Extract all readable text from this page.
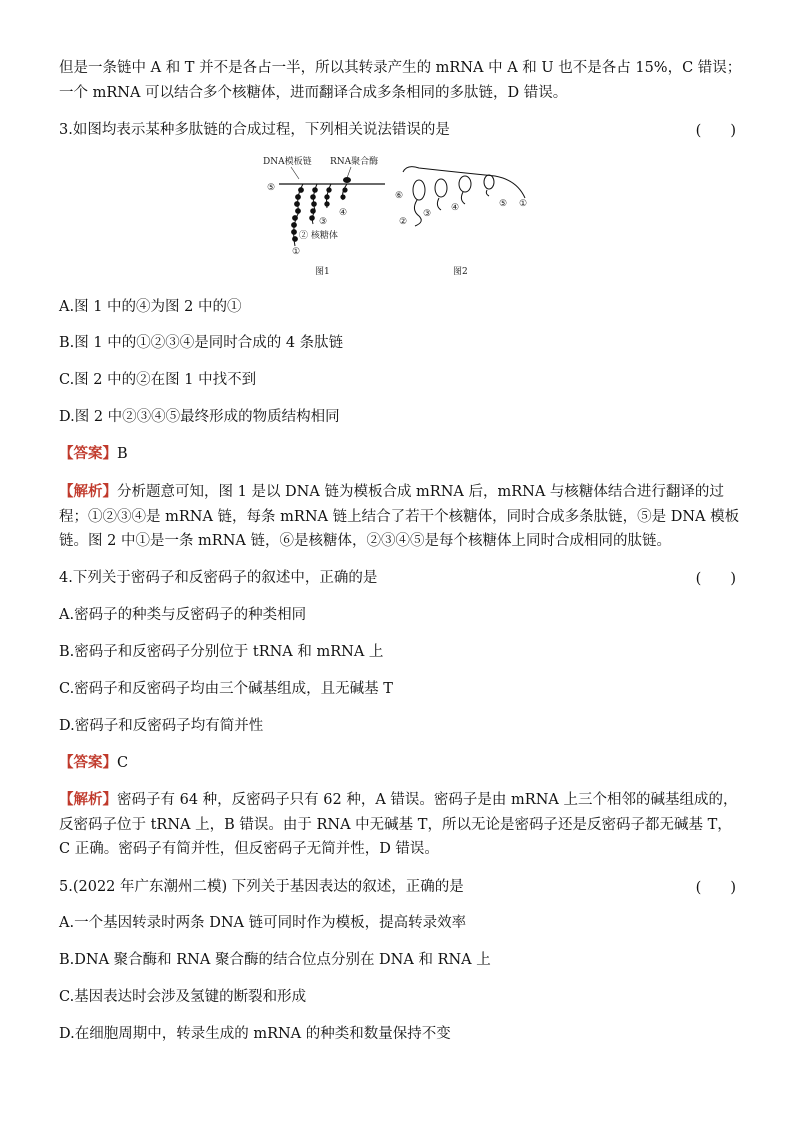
但是一条链中 A 和 T 并不是各占一半，所以其转录产生的 mRNA 中 A 和 U 也不是各占 15%，C 错误；
一个 mRNA 可以结合多个核糖体，进而翻译合成多条相同的多肽链，D 错误。
3.如图均表示某种多肽链的合成过程，下列相关说法错误的是	(　　)
DNA模板链 RNA聚合酶
⑤
①
② 核糖体
③
④
图1
⑥
②
③
④	⑤ ①
图2
A.图 1 中的④为图 2 中的①
B.图 1 中的①②③④是同时合成的 4 条肽链
C.图 2 中的②在图 1 中找不到
D.图 2 中②③④⑤最终形成的物质结构相同
【答案】B
【解析】分析题意可知，图 1 是以 DNA 链为模板合成 mRNA 后，mRNA 与核糖体结合进行翻译的过
程；①②③④是 mRNA 链，每条 mRNA 链上结合了若干个核糖体，同时合成多条肽链，⑤是 DNA 模板
链。图 2 中①是一条 mRNA 链，⑥是核糖体，②③④⑤是每个核糖体上同时合成相同的肽链。
4.下列关于密码子和反密码子的叙述中，正确的是	(　　)
A.密码子的种类与反密码子的种类相同
B.密码子和反密码子分别位于 tRNA 和 mRNA 上
C.密码子和反密码子均由三个碱基组成，且无碱基 T
D.密码子和反密码子均有简并性
【答案】C
【解析】密码子有 64 种，反密码子只有 62 种，A 错误。密码子是由 mRNA 上三个相邻的碱基组成的，
反密码子位于 tRNA 上，B 错误。由于 RNA 中无碱基 T，所以无论是密码子还是反密码子都无碱基 T，
C 正确。密码子有简并性，但反密码子无简并性，D 错误。
5.(2022 年广东潮州二模) 下列关于基因表达的叙述，正确的是	(　　)
A.一个基因转录时两条 DNA 链可同时作为模板，提高转录效率
B.DNA 聚合酶和 RNA 聚合酶的结合位点分别在 DNA 和 RNA 上
C.基因表达时会涉及氢键的断裂和形成
D.在细胞周期中，转录生成的 mRNA 的种类和数量保持不变
